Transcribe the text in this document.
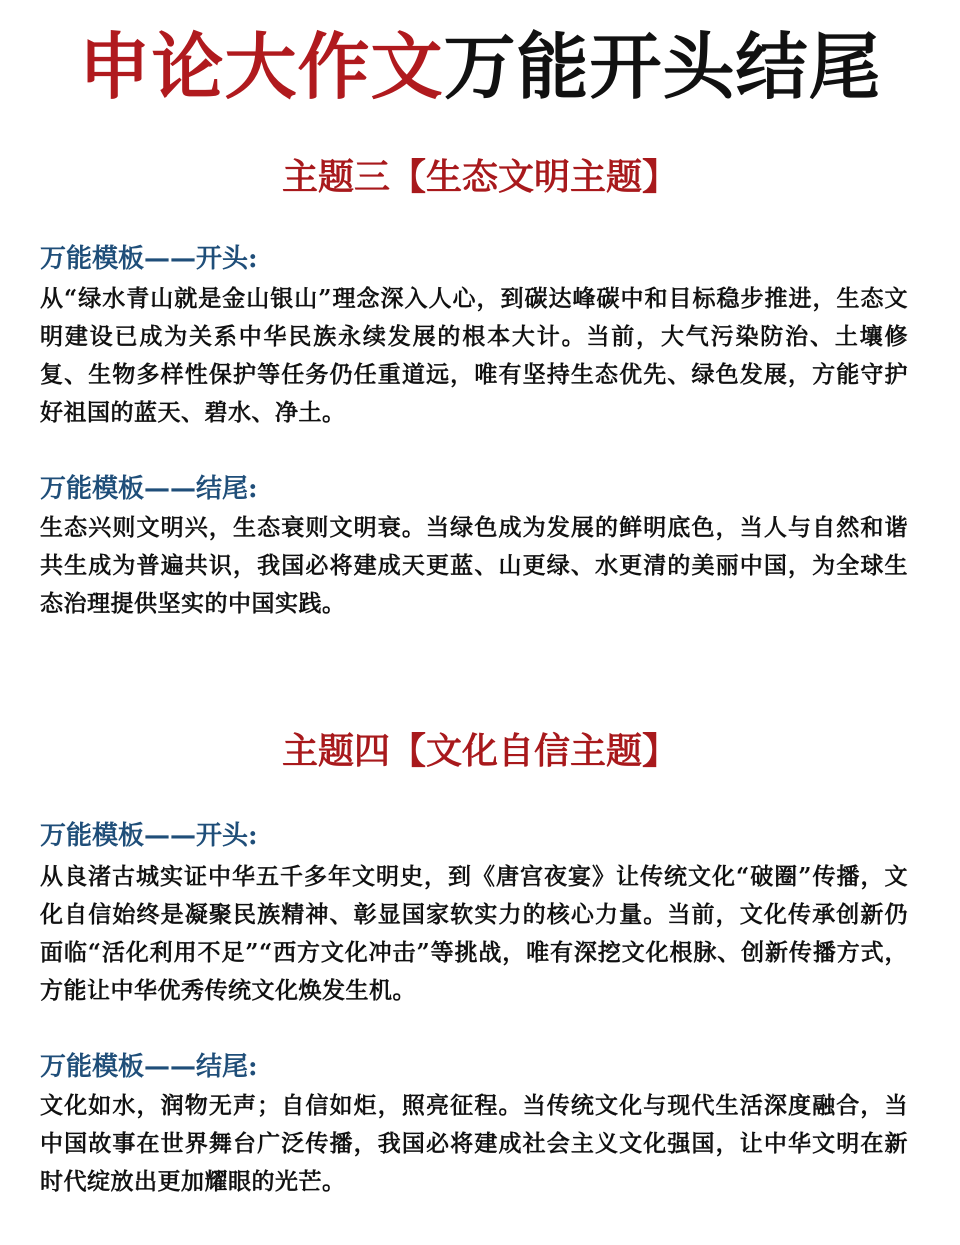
申论大作文万能开头结尾
主题三【生态文明主题】
万能模板——开头:
从“绿水青山就是金山银山”理念深入人心，到碳达峰碳中和目标稳步推进，生态文明建设已成为关系中华民族永续发展的根本大计。当前，大气污染防治、土壤修复、生物多样性保护等任务仍任重道远，唯有坚持生态优先、绿色发展，方能守护好祖国的蓝天、碧水、净土。
万能模板——结尾:
生态兴则文明兴，生态衰则文明衰。当绿色成为发展的鲜明底色，当人与自然和谐共生成为普遍共识，我国必将建成天更蓝、山更绿、水更清的美丽中国，为全球生态治理提供坚实的中国实践。
主题四【文化自信主题】
万能模板——开头:
从良渚古城实证中华五千多年文明史，到《唐宫夜宴》让传统文化“破圈”传播，文化自信始终是凝聚民族精神、彰显国家软实力的核心力量。当前，文化传承创新仍面临“活化利用不足”“西方文化冲击”等挑战，唯有深挖文化根脉、创新传播方式，方能让中华优秀传统文化焕发生机。
万能模板——结尾:
文化如水，润物无声；自信如炬，照亮征程。当传统文化与现代生活深度融合，当中国故事在世界舞台广泛传播，我国必将建成社会主义文化强国，让中华文明在新时代绽放出更加耀眼的光芒。
